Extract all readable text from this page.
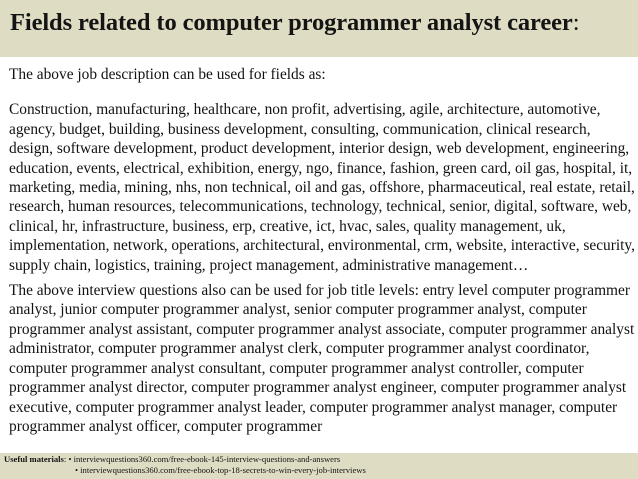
Fields related to computer programmer analyst career:

The above job description can be used for fields as:

Construction, manufacturing, healthcare, non profit, advertising, agile, architecture, automotive, agency, budget, building, business development, consulting, communication, clinical research, design, software development, product development, interior design, web development, engineering, education, events, electrical, exhibition, energy, ngo, finance, fashion, green card, oil gas, hospital, it, marketing, media, mining, nhs, non technical, oil and gas, offshore, pharmaceutical, real estate, retail, research, human resources, telecommunications, technology, technical, senior, digital, software, web, clinical, hr, infrastructure, business, erp, creative, ict, hvac, sales, quality management, uk, implementation, network, operations, architectural, environmental, crm, website, interactive, security, supply chain, logistics, training, project management, administrative management…

The above interview questions also can be used for job title levels: entry level computer programmer analyst, junior computer programmer analyst, senior computer programmer analyst, computer programmer analyst assistant, computer programmer analyst associate, computer programmer analyst administrator, computer programmer analyst clerk, computer programmer analyst coordinator, computer programmer analyst consultant, computer programmer analyst controller, computer programmer analyst director, computer programmer analyst engineer, computer programmer analyst executive, computer programmer analyst leader, computer programmer analyst manager, computer programmer analyst officer, computer programmer

Useful materials: • interviewquestions360.com/free-ebook-145-interview-questions-and-answers
• interviewquestions360.com/free-ebook-top-18-secrets-to-win-every-job-interviews
